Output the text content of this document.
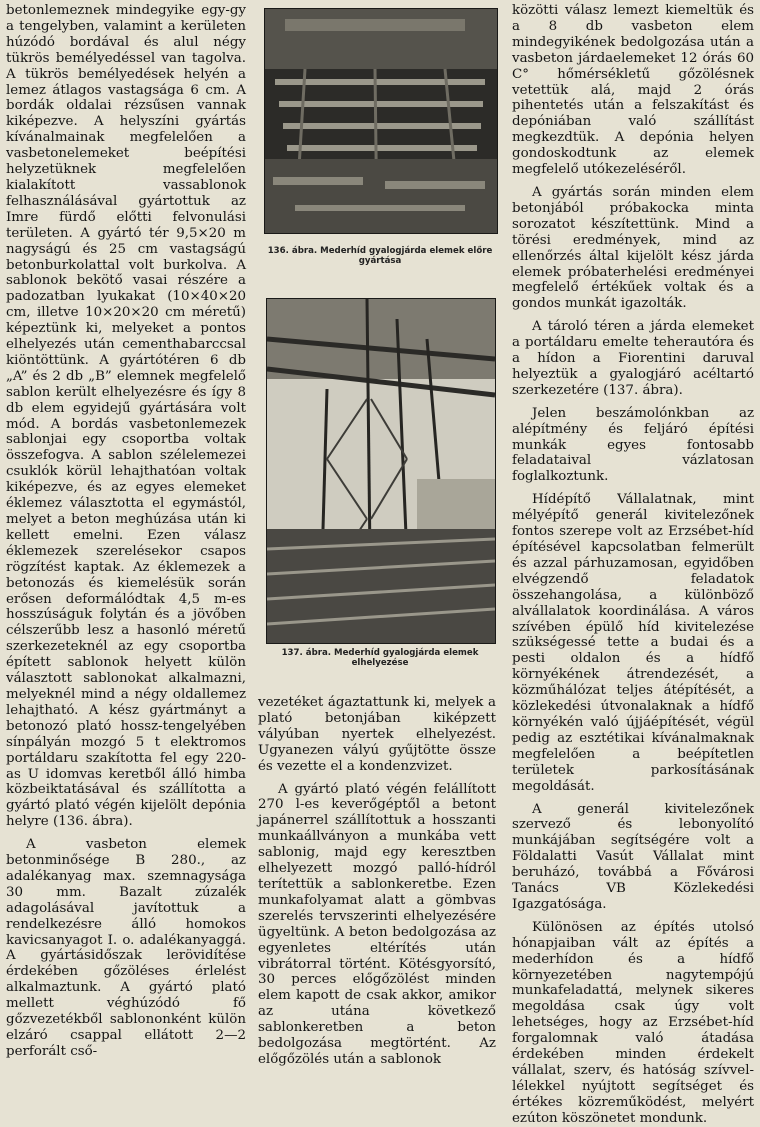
betonlemeznek mindegyike egy-gy a tengelyben, valamint a kerületen húzódó bordával és alul négy tükrös bemélyedéssel van tagolva. A tükrös bemélyedések helyén a lemez átlagos vastagsága 6 cm. A bordák oldalai rézsűsen vannak kiképezve. A helyszíni gyártás kívánalmainak megfelelően a vasbetonelemeket beépítési helyzetüknek megfelelően kialakított vassablonok felhasználásával gyártottuk az Imre fürdő előtti felvonulási területen. A gyártó tér 9,5×20 m nagyságú és 25 cm vastagságú betonburkolattal volt burkolva. A sablonok bekötő vasai részére a padozatban lyukakat (10×40×20 cm, illetve 10×20×20 cm méretű) képeztünk ki, melyeket a pontos elhelyezés után cementhabarccsal kiöntöttünk. A gyártótéren 6 db „A” és 2 db „B” elemnek megfelelő sablon került elhelyezésre és így 8 db elem egyidejű gyártására volt mód. A bordás vasbetonlemezek sablonjai egy csoportba voltak összefogva. A sablon szélelemezei csuklók körül lehajthatóan voltak kiképezve, és az egyes elemeket éklemez választotta el egymástól, melyet a beton meghúzása után ki kellett emelni. Ezen válasz éklemezek szerelésekor csapos rögzítést kaptak. Az éklemezek a betonozás és kiemelésük során erősen deformálódtak 4,5 m-es hosszúságuk folytán és a jövőben célszerűbb lesz a hasonló méretű szerkezeteknél az egy csoportba épített sablonok helyett külön választott sablonokat alkalmazni, melyeknél mind a négy oldallemez lehajtható. A kész gyártmányt a betonozó plató hossz-tengelyében sínpályán mozgó 5 t elektromos portáldaru szakította fel egy 220-as U idomvas keretből álló himba közbeiktatásával és szállította a gyártó plató végén kijelölt depónia helyre (136. ábra).

A vasbeton elemek betonminősége B 280., az adalékanyag max. szemnagysága 30 mm. Bazalt zúzalék adagolásával javítottuk a rendelkezésre álló homokos kavicsanyagot I. o. adalékanyaggá. A gyártásidőszak lerövidítése érdekében gőzöléses érlelést alkalmaztunk. A gyártó plató mellett véghúzódó fő gőzvezetékből sablononként külön elzáró csappal ellátott 2—2 perforált cső-

136. ábra. Mederhíd gyalogjárda elemek előre gyártása
137. ábra. Mederhíd gyalogjárda elemek elhelyezése

vezetéket ágaztattunk ki, melyek a plató betonjában kiképzett vályúban nyertek elhelyezést. Ugyanezen vályú gyűjtötte össze és vezette el a kondenzvizet.

A gyártó plató végén felállított 270 l-es keverőgéptől a betont japánerrel szállítottuk a hosszanti munkaállványon a munkába vett sablonig, majd egy keresztben elhelyezett mozgó palló-hídról terítettük a sablonkeretbe. Ezen munkafolyamat alatt a gömbvas szerelés tervszerinti elhelyezésére ügyeltünk. A beton bedolgozása az egyenletes eltérítés után vibrátorral történt. Kötésgyorsító, 30 perces előgőzölést minden elem kapott de csak akkor, amikor az utána következő sablonkeretben a beton bedolgozása megtörtént. Az előgőzölés után a sablonok

közötti válasz lemezt kiemeltük és a 8 db vasbeton elem mindegyikének bedolgozása után a vasbeton járdaelemeket 12 órás 60 C° hőmérsékletű gőzölésnek vetettük alá, majd 2 órás pihentetés után a felszakítást és depóniában való szállítást megkezdtük. A depónia helyen gondoskodtunk az elemek megfelelő utókezeléséről.

A gyártás során minden elem betonjából próbakocka minta sorozatot készítettünk. Mind a törési eredmények, mind az ellenőrzés által kijelölt kész járda elemek próbaterhelési eredményei megfelelő értékűek voltak és a gondos munkát igazolták.

A tároló téren a járda elemeket a portáldaru emelte teherautóra és a hídon a Fiorentini daruval helyeztük a gyalogjáró acéltartó szerkezetére (137. ábra).

Jelen beszámolónkban az alépítmény és feljáró építési munkák egyes fontosabb feladataival vázlatosan foglalkoztunk.

Hídépítő Vállalatnak, mint mélyépítő generál kivitelezőnek fontos szerepe volt az Erzsébet-híd építésével kapcsolatban felmerült és azzal párhuzamosan, egyidőben elvégzendő feladatok összehangolása, a különböző alvállalatok koordinálása. A város szívében épülő híd kivitelezése szükségessé tette a budai és a pesti oldalon és a hídfő környékének átrendezését, a közműhálózat teljes átépítését, a közlekedési útvonalaknak a hídfő környékén való újjáépítését, végül pedig az esztétikai kívánalmaknak megfelelően a beépítetlen területek parkosításának megoldását.

A generál kivitelezőnek szervező és lebonyolító munkájában segítségére volt a Földalatti Vasút Vállalat mint beruházó, továbbá a Fővárosi Tanács VB Közlekedési Igazgatósága.

Különösen az építés utolsó hónapjaiban vált az építés a mederhídon és a hídfő környezetében nagytempójú munkafeladattá, melynek sikeres megoldása csak úgy volt lehetséges, hogy az Erzsébet-híd forgalomnak való átadása érdekében minden érdekelt vállalat, szerv, és hatóság szívvel-lélekkel nyújtott segítséget és értékes közreműködést, melyért ezúton köszönetet mondunk.
